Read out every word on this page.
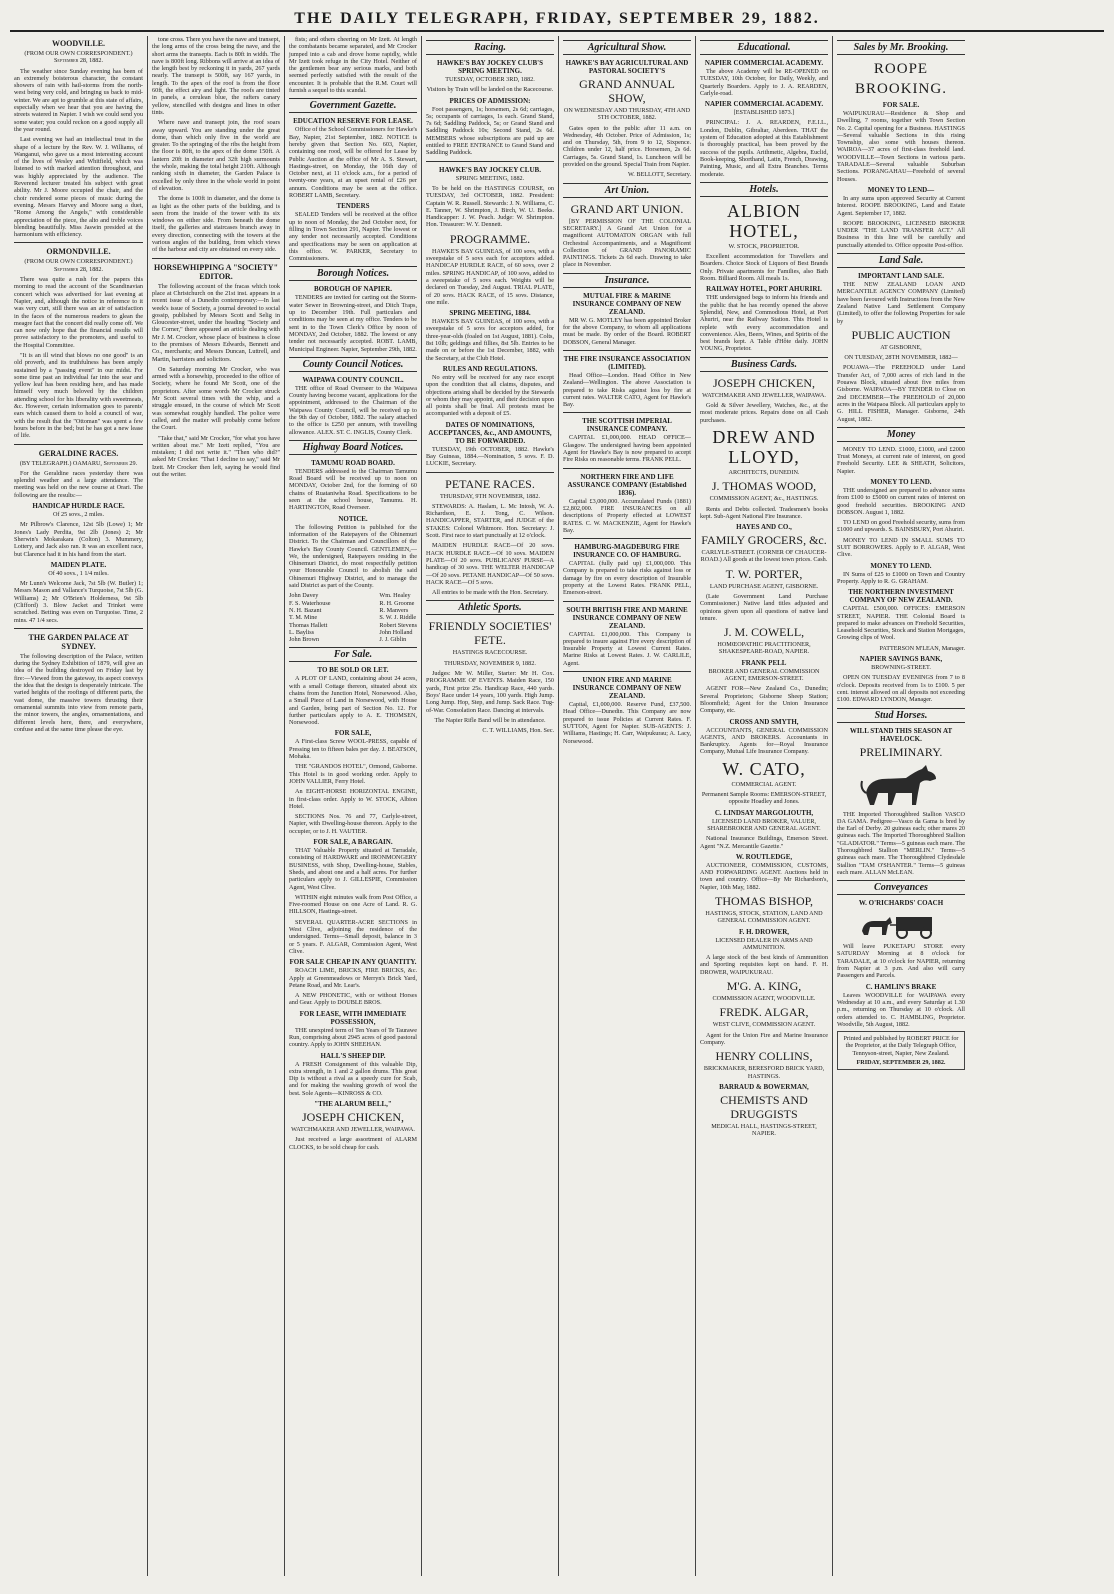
THE DAILY TELEGRAPH, FRIDAY, SEPTEMBER 29, 1882.
WOODVILLE.

(FROM OUR OWN CORRESPONDENT.) September 28, 1882.

The weather since Sunday evening has been of an extremely boisterous character, the constant showers of rain with hail-storms from the north-west being very cold, and bringing us back to mid-winter. We are apt to grumble at this state of affairs, especially when we hear that you are having the streets watered in Napier. I wish we could send you some water; you could reckon on a good supply all the year round.

Last evening we had an intellectual treat in the shape of a lecture by the Rev. W. J. Williams, of Wanganui, who gave us a most interesting account of the lives of Wesley and Whitfield, which was listened to with marked attention throughout, and was highly appreciated by the audience. The Reverend lecturer treated his subject with great ability. Mr J. Moore occupied the chair, and the choir rendered some pieces of music during the evening. Messrs Harvey and Moore sang a duet, "Rome Among the Angels," with considerable appreciation of the piece, the alto and treble voices blending beautifully. Miss Jaswin presided at the harmonium with efficiency.

ORMONDVILLE.

(FROM OUR OWN CORRESPONDENT.) September 28, 1882.

There was quite a rush for the papers this morning to read the account of the Scandinavian concert which was advertised for last evening at Napier, and, although the notice in reference to it was very curt, still there was an air of satisfaction in the faces of the numerous readers to glean the meagre fact that the concert did really come off. We can now only hope that the financial results will prove satisfactory to the promoters, and useful to the Hospital Committee.

"It is an ill wind that blows no one good" is an old proverb, and its truthfulness has been amply sustained by a "passing event" in our midst. For some time past an individual far into the sear and yellow leaf has been residing here, and has made himself very much beloved by the children attending school for his liberality with sweetmeats, &c. However, certain information goes to parents' ears which caused them to hold a council of war, with the result that the "Ottoman" was spent a few hours before in the bed; but he has got a new lease of life.

GERALDINE RACES.

(BY TELEGRAPH.) OAMARU, September 29.

For the Geraldine races yesterday there was splendid weather and a large attendance. The meeting was held on the new course at Orari. The following are the results:—

HANDICAP HURDLE RACE.

Of 25 sovs., 2 miles.

Mr Pilbrow's Clarence, 12st 5lb (Lowe) 1; Mr Jones's Lady Perdita, 9st 2lb (Jones) 2; Mr Sherwin's Mokarakara (Colton) 3. Mummery, Lottery, and Jack also ran. It was an excellent race, but Clarence had it in his hand from the start.

MAIDEN PLATE.

Of 40 sovs., 1 1/4 miles.

Mr Lunn's Welcome Jack, 7st 5lb (W. Butler) 1; Messrs Mason and Vallance's Turquoise, 7st 5lb (G. Williams) 2; Mr O'Brien's Holderness, 9st 5lb (Clifford) 3. Blow Jacket and Trinket were scratched. Betting was even on Turquoise. Time, 2 mins. 47 1/4 secs.

THE GARDEN PALACE AT SYDNEY.

The following description of the Palace, written during the Sydney Exhibition of 1879, will give an idea of the building destroyed on Friday last by fire:—Viewed from the gateway, its aspect conveys the idea that the design is desperately intricate. The varied heights of the roofings of different parts, the vast dome, the massive towers thrusting their ornamental summits into view from remote parts, the minor towers, the angles, ornamentations, and different levels here, there, and everywhere, confuse and at the same time please the eye.

tone cross. There you have the nave and transept, the long arms of the cross being the nave, and the short arms the transepts. Each is 80ft in width. The nave is 800ft long. Ribbons will arrive at an idea of the length best by reckoning it in yards, 267 yards nearly. The transept is 500ft, say 167 yards, in length. To the apex of the roof is from the floor 60ft, the effect airy and light. The roofs are tinted in panels, a cerulean blue, the rafters canary yellow, stencilled with designs and lines in other tints.

Where nave and transept join, the roof soars away upward. You are standing under the great dome, than which only five in the world are greater. To the springing of the ribs the height from the floor is 80ft, to the apex of the dome 150ft. A lantern 20ft in diameter and 32ft high surmounts the whole, making the total height 210ft. Although ranking sixth in diameter, the Garden Palace is excelled by only three in the whole world in point of elevation.

The dome is 100ft in diameter, and the dome is as light as the other parts of the building, and is seen from the inside of the tower with its six windows on either side. From beneath the dome itself, the galleries and staircases branch away in every direction, connecting with the towers at the various angles of the building, from which views of the harbour and city are obtained on every side.

HORSEWHIPPING A "SOCIETY" EDITOR.

The following account of the fracas which took place at Christchurch on the 21st inst. appears in a recent issue of a Dunedin contemporary:—In last week's issue of Society, a journal devoted to social gossip, published by Messrs Scott and Selig in Gloucester-street, under the heading "Society and the Corner," there appeared an article dealing with Mr J. M. Crocker, whose place of business is close to the premises of Messrs Edwards, Bennett and Co., merchants; and Messrs Duncan, Luttrell, and Martin, barristers and solicitors.

On Saturday morning Mr Crocker, who was armed with a horsewhip, proceeded to the office of Society, where he found Mr Scott, one of the proprietors. After some words Mr Crocker struck Mr Scott several times with the whip, and a struggle ensued, in the course of which Mr Scott was somewhat roughly handled. The police were called, and the matter will probably come before the Court.

"Take that," said Mr Crocker, "for what you have written about me." Mr Izett replied, "You are mistaken; I did not write it." "Then who did?" asked Mr Crocker. "That I decline to say," said Mr Izett. Mr Crocker then left, saying he would find out the writer.

fists; and others cheering on Mr Izett. At length the combatants became separated, and Mr Crocker jumped into a cab and drove home rapidly, while Mr Izett took refuge in the City Hotel. Neither of the gentlemen bear any serious marks, and both seemed perfectly satisfied with the result of the encounter. It is probable that the R.M. Court will furnish a sequel to this scandal.

Government Gazette.
EDUCATION RESERVE FOR LEASE.

Office of the School Commissioners for Hawke's Bay, Napier, 21st September, 1882. NOTICE is hereby given that Section No. 603, Napier, containing one rood, will be offered for Lease by Public Auction at the office of Mr A. S. Stewart, Hastings-street, on Monday, the 16th day of October next, at 11 o'clock a.m., for a period of twenty-one years, at an upset rental of £26 per annum. Conditions may be seen at the office. ROBERT LAMB, Secretary.

TENDERS

SEALED Tenders will be received at the office up to noon of Monday, the 2nd October next, for filling in Town Section 291, Napier. The lowest or any tender not necessarily accepted. Conditions and specifications may be seen on application at this office. W. PARKER, Secretary to Commissioners.

Borough Notices.
BOROUGH OF NAPIER.

TENDERS are invited for carting out the Storm-water Sewer in Browning-street, and Ditch Traps, up to December 19th. Full particulars and conditions may be seen at my office. Tenders to be sent in to the Town Clerk's Office by noon of MONDAY, 2nd October, 1882. The lowest or any tender not necessarily accepted. ROBT. LAMB, Municipal Engineer. Napier, September 29th, 1882.

County Council Notices.
WAIPAWA COUNTY COUNCIL.

THE office of Road Overseer to the Waipawa County having become vacant, applications for the appointment, addressed to the Chairman of the Waipawa County Council, will be received up to the 9th day of October, 1882. The salary attached to the office is £250 per annum, with travelling allowance. ALEX. ST. C. INGLIS, County Clerk.

Highway Board Notices.
TAMUMU ROAD BOARD.

TENDERS addressed to the Chairman Tamumu Road Board will be received up to noon on MONDAY, October 2nd, for the forming of 60 chains of Ruataniwha Road. Specifications to be seen at the school house, Tamumu. H. HARTINGTON, Road Overseer.

NOTICE.

The following Petition is published for the information of the Ratepayers of the Ohinemuri District. To the Chairman and Councillors of the Hawke's Bay County Council. GENTLEMEN,—We, the undersigned, Ratepayers residing in the Ohinemuri District, do most respectfully petition your Honourable Council to abolish the said Ohinemuri Highway District, and to manage the said District as part of the County.

John Davey
F. S. Waterhouse
N. H. Bazant
T. M. Mine
Thomas Hallett
L. Bayliss
John Brown
Wm. Healey
R. H. Groome
R. Manvers
S. W. J. Riddle
Robert Stevens
John Holland
J. J. Giblin
For Sale.
TO BE SOLD OR LET.

A PLOT OF LAND, containing about 24 acres, with a small Cottage thereon, situated about six chains from the Junction Hotel, Norsewood. Also, a Small Piece of Land in Norsewood, with House and Garden, being part of Section No. 12. For further particulars apply to A. E. THOMSEN, Norsewood.

FOR SALE,

A First-class Screw WOOL-PRESS, capable of Pressing ten to fifteen bales per day. J. BEATSON, Mohaka.

THE "GRANDOS HOTEL", Ormond, Gisborne. This Hotel is in good working order. Apply to JOHN VALLIER, Ferry Hotel.

An EIGHT-HORSE HORIZONTAL ENGINE, in first-class order. Apply to W. STOCK, Albion Hotel.

SECTIONS Nos. 76 and 77, Carlyle-street, Napier, with Dwelling-house thereon. Apply to the occupier, or to J. H. VAUTIER.

FOR SALE, A BARGAIN.

THAT Valuable Property situated at Tarradale, consisting of HARDWARE and IRONMONGERY BUSINESS, with Shop, Dwelling-house, Stables, Sheds, and about one and a half acres. For further particulars apply to J. GILLESPIE, Commission Agent, West Clive.

WITHIN eight minutes walk from Post Office, a Five-roomed House on one Acre of Land. R. G. HILLSON, Hastings-street.

SEVERAL QUARTER-ACRE SECTIONS in West Clive, adjoining the residence of the undersigned. Terms—Small deposit, balance in 3 or 5 years. F. ALGAR, Commission Agent, West Clive.

FOR SALE CHEAP IN ANY QUANTITY.

ROACH LIME, BRICKS, FIRE BRICKS, &c. Apply at Greenmeadows or Merryn's Brick Yard, Petane Road, and Mr. Lear's.

A NEW PHONETIC, with or without Horses and Gear. Apply to DOUBLE BROS.

FOR LEASE, WITH IMMEDIATE POSSESSION,

THE unexpired term of Ten Years of Te Taurawe Run, comprising about 2945 acres of good pastoral country. Apply to JOHN SHEEHAN.

HALL'S SHEEP DIP.

A FRESH Consignment of this valuable Dip, extra strength, in 1 and 2 gallon drums. This great Dip is without a rival as a speedy cure for Scab, and for making the washing growth of wool the best. Sole Agents—KINROSS & CO.

"THE ALARUM BELL,"
JOSEPH CHICKEN,

WATCHMAKER AND JEWELLER, WAIPAWA.

Just received a large assortment of ALARM CLOCKS, to be sold cheap for cash.

Racing.
HAWKE'S BAY JOCKEY CLUB'S SPRING MEETING.

TUESDAY, OCTOBER 3RD, 1882.

Visitors by Train will be landed on the Racecourse.

PRICES OF ADMISSION:

Foot passengers, 1s; horsemen, 2s 6d; carriages, 5s; occupants of carriages, 1s each. Grand Stand, 7s 6d; Saddling Paddock, 5s; or Grand Stand and Saddling Paddock 10s; Second Stand, 2s 6d. MEMBERS whose subscriptions are paid up are entitled to FREE ENTRANCE to Grand Stand and Saddling Paddock.

HAWKE'S BAY JOCKEY CLUB.

SPRING MEETING, 1882.

To be held on the HASTINGS COURSE, on TUESDAY, 3rd OCTOBER, 1882. President: Captain W. R. Russell. Stewards: J. N. Williams, C. E. Tanner, W. Shrimpton, J. Birch, W. U. Beeks. Handicapper: J. W. Peach. Judge: W. Shrimpton. Hon. Treasurer: W. Y. Dennett.

PROGRAMME.

HAWKE'S BAY GUINEAS, of 100 sovs, with a sweepstake of 5 sovs each for acceptors added. HANDICAP HURDLE RACE, of 60 sovs, over 2 miles. SPRING HANDICAP, of 100 sovs, added to a sweepstake of 5 sovs each. Weights will be declared on Tuesday, 2nd August. TRIAL PLATE, of 20 sovs. HACK RACE, of 15 sovs. Distance, one mile.

SPRING MEETING, 1884.

HAWKE'S BAY GUINEAS, of 100 sovs, with a sweepstake of 5 sovs for acceptors added, for three-year-olds (foaled on 1st August, 1881). Colts, 8st 10lb; geldings and fillies, 8st 5lb. Entries to be made on or before the 1st December, 1882, with the Secretary, at the Club Hotel.

RULES AND REGULATIONS.

No entry will be received for any race except upon the condition that all claims, disputes, and objections arising shall be decided by the Stewards or whom they may appoint, and their decision upon all points shall be final. All protests must be accompanied with a deposit of £5.

DATES OF NOMINATIONS, ACCEPTANCES, &c., AND AMOUNTS, TO BE FORWARDED.

TUESDAY, 19th OCTOBER, 1882. Hawke's Bay Guineas, 1884.—Nomination, 5 sovs. F. D. LUCKIE, Secretary.

PETANE RACES.

THURSDAY, 9TH NOVEMBER, 1882.

STEWARDS: A. Haslam, L. Mc Intosh, W. A. Richardson, E. J. Tong, C. Wilson. HANDICAPPER, STARTER, and JUDGE of the STAKES: Colonel Whitmore. Hon. Secretary: J. Scott. First race to start punctually at 12 o'clock.

MAIDEN HURDLE RACE—Of 20 sovs. HACK HURDLE RACE—Of 10 sovs. MAIDEN PLATE—Of 20 sovs. PUBLICANS' PURSE—A handicap of 30 sovs. THE WELTER HANDICAP—Of 20 sovs. PETANE HANDICAP—Of 50 sovs. HACK RACE—Of 5 sovs.

All entries to be made with the Hon. Secretary.

Athletic Sports.
FRIENDLY SOCIETIES' FETE.

HASTINGS RACECOURSE.

THURSDAY, NOVEMBER 9, 1882.

Judges: Mr W. Miller, Starter: Mr H. Cox. PROGRAMME OF EVENTS. Maiden Race, 150 yards, First prize 25s. Handicap Race, 440 yards. Boys' Race under 14 years, 100 yards. High Jump. Long Jump. Hop, Step, and Jump. Sack Race. Tug-of-War. Consolation Race. Dancing at intervals.

The Napier Rifle Band will be in attendance.

C. T. WILLIAMS, Hon. Sec.

Agricultural Show.
HAWKE'S BAY AGRICULTURAL AND PASTORAL SOCIETY'S
GRAND ANNUAL SHOW,

ON WEDNESDAY AND THURSDAY, 4TH AND 5TH OCTOBER, 1882.

Gates open to the public after 11 a.m. on Wednesday, 4th October. Price of Admission, 1s; and on Thursday, 5th, from 9 to 12, Sixpence. Children under 12, half price. Horsemen, 2s 6d. Carriages, 5s. Grand Stand, 1s. Luncheon will be provided on the ground. Special Train from Napier.

W. BELLOTT, Secretary.

Art Union.
GRAND ART UNION.

[BY PERMISSION OF THE COLONIAL SECRETARY.] A Grand Art Union for a magnificent AUTOMATON ORGAN with full Orchestral Accompaniments, and a Magnificent Collection of GRAND PANORAMIC PAINTINGS. Tickets 2s 6d each. Drawing to take place in November.

Insurance.
MUTUAL FIRE & MARINE INSURANCE COMPANY OF NEW ZEALAND.

MR W. G. MOTLEY has been appointed Broker for the above Company, to whom all applications must be made. By order of the Board. ROBERT DOBSON, General Manager.

THE FIRE INSURANCE ASSOCIATION (LIMITED).

Head Office—London. Head Office in New Zealand—Wellington. The above Association is prepared to take Risks against loss by fire at current rates. WALTER CATO, Agent for Hawke's Bay.

THE SCOTTISH IMPERIAL INSURANCE COMPANY.

CAPITAL £1,000,000. HEAD OFFICE—Glasgow. The undersigned having been appointed Agent for Hawke's Bay is now prepared to accept Fire Risks on reasonable terms. FRANK PELL.

NORTHERN FIRE AND LIFE ASSURANCE COMPANY (Established 1836).

Capital £3,000,000. Accumulated Funds (1881) £2,802,000. FIRE INSURANCES on all descriptions of Property effected at LOWEST RATES. C. W. MACKENZIE, Agent for Hawke's Bay.

HAMBURG-MAGDEBURG FIRE INSURANCE CO. OF HAMBURG.

CAPITAL (fully paid up) £1,000,000. This Company is prepared to take risks against loss or damage by fire on every description of Insurable property at the Lowest Rates. FRANK PELL, Emerson-street.

SOUTH BRITISH FIRE AND MARINE INSURANCE COMPANY OF NEW ZEALAND.

CAPITAL £1,000,000. This Company is prepared to insure against Fire every description of Insurable Property at Lowest Current Rates. Marine Risks at Lowest Rates. J. W. CARLILE, Agent.

UNION FIRE AND MARINE INSURANCE COMPANY OF NEW ZEALAND.

Capital, £1,000,000. Reserve Fund, £37,500. Head Office—Dunedin. This Company are now prepared to issue Policies at Current Rates. F. SUTTON, Agent for Napier. SUB-AGENTS: J. Williams, Hastings; H. Carr, Waipukurau; A. Lacy, Norsewood.

Educational.
NAPIER COMMERCIAL ACADEMY.

The above Academy will be RE-OPENED on TUESDAY, 10th October, for Daily, Weekly, and Quarterly Boarders. Apply to J. A. REARDEN, Carlyle-road.

NAPIER COMMERCIAL ACADEMY.

[ESTABLISHED 1873.]

PRINCIPAL: J. A. REARDEN, F.E.I.L., London, Dublin, Gibraltar, Aberdeen. THAT the system of Education adopted at this Establishment is thoroughly practical, has been proved by the success of the pupils. Arithmetic, Algebra, Euclid, Book-keeping, Shorthand, Latin, French, Drawing, Painting, Music, and all Extra Branches. Terms moderate.

Hotels.
ALBION HOTEL,

W. STOCK, PROPRIETOR.

Excellent accommodation for Travellers and Boarders. Choice Stock of Liquors of Best Brands Only. Private apartments for Families, also Bath Room. Billiard Room. All meals 1s.

RAILWAY HOTEL, PORT AHURIRI.

THE undersigned begs to inform his friends and the public that he has recently opened the above Splendid, New, and Commodious Hotel, at Port Ahuriri, near the Railway Station. This Hotel is replete with every accommodation and convenience. Ales, Beers, Wines, and Spirits of the best brands kept. A Table d'Hôte daily. JOHN YOUNG, Proprietor.

Business Cards.
JOSEPH CHICKEN,

WATCHMAKER AND JEWELLER, WAIPAWA.

Gold & Silver Jewellery, Watches, &c., at the most moderate prices. Repairs done on all Cash purchases.

DREW AND LLOYD,

ARCHITECTS, DUNEDIN.

J. THOMAS WOOD,

COMMISSION AGENT, &c., HASTINGS.

Rents and Debts collected. Tradesmen's books kept. Sub-Agent National Fire Insurance.

HAYES AND CO.,
FAMILY GROCERS, &c.

CARLYLE-STREET. (CORNER OF CHAUCER-ROAD.) All goods at the lowest town prices. Cash.

T. W. PORTER,

LAND PURCHASE AGENT, GISBORNE.

(Late Government Land Purchase Commissioner.) Native land titles adjusted and opinions given upon all questions of native land tenure.

J. M. COWELL,

HOMŒOPATHIC PRACTITIONER, SHAKESPEARE-ROAD, NAPIER.

FRANK PELL

BROKER AND GENERAL COMMISSION AGENT, EMERSON-STREET.

AGENT FOR—New Zealand Co., Dunedin; Several Proprietors; Gisborne Sheep Station; Bloomfield; Agent for the Union Insurance Company, etc.

CROSS AND SMYTH,

ACCOUNTANTS, GENERAL COMMISSION AGENTS, AND BROKERS. Accountants in Bankruptcy. Agents for—Royal Insurance Company, Mutual Life Insurance Company.

W. CATO,

COMMERCIAL AGENT.

Permanent Sample Rooms: EMERSON-STREET, opposite Hoadley and Jones.

C. LINDSAY MARGOLIOUTH,

LICENSED LAND BROKER, VALUER, SHAREBROKER AND GENERAL AGENT.

National Insurance Buildings, Emerson Street. Agent "N.Z. Mercantile Gazette."

W. ROUTLEDGE,

AUCTIONEER, COMMISSION, CUSTOMS, AND FORWARDING AGENT. Auctions held in town and country. Office—By Mr Richardson's, Napier, 10th May, 1882.

THOMAS BISHOP,

HASTINGS, STOCK, STATION, LAND AND GENERAL COMMISSION AGENT.

F. H. DROWER,

LICENSED DEALER IN ARMS AND AMMUNITION.

A large stock of the best kinds of Ammunition and Sporting requisites kept on hand. F. H. DROWER, WAIPUKURAU.

M'G. A. KING,

COMMISSION AGENT, WOODVILLE.

FREDK. ALGAR,

WEST CLIVE, COMMISSION AGENT.

Agent for the Union Fire and Marine Insurance Company.

HENRY COLLINS,

BRICKMAKER, BERESFORD BRICK YARD, HASTINGS.

BARRAUD & BOWERMAN,
CHEMISTS AND DRUGGISTS

MEDICAL HALL, HASTINGS-STREET, NAPIER.

Sales by Mr. Brooking.
ROOPE BROOKING.
FOR SALE.

WAIPUKURAU—Residence & Shop and Dwelling, 7 rooms, together with Town Section No. 2. Capital opening for a Business. HASTINGS—Several valuable Sections in this rising Township, also some with houses thereon. WAIROA—37 acres of first-class freehold land. WOODVILLE—Town Sections in various parts. TARADALE—Several valuable Suburban Sections. PORANGAHAU—Freehold of several Houses.

MONEY TO LEND—

In any sums upon approved Security at Current Interest. ROOPE BROOKING, Land and Estate Agent. September 17, 1882.

ROOPE BROOKING, LICENSED BROKER UNDER "THE LAND TRANSFER ACT." All Business in this line will be carefully and punctually attended to. Office opposite Post-office.

Land Sale.
IMPORTANT LAND SALE.

THE NEW ZEALAND LOAN AND MERCANTILE AGENCY COMPANY (Limited) have been favoured with Instructions from the New Zealand Native Land Settlement Company (Limited), to offer the following Properties for sale by

PUBLIC AUCTION

AT GISBORNE,

ON TUESDAY, 28TH NOVEMBER, 1882—

POUAWA—The FREEHOLD under Land Transfer Act, of 7,000 acres of rich land in the Pouawa Block, situated about five miles from Gisborne. WAIPAOA—BY TENDER to Close on 2nd DECEMBER—The FREEHOLD of 20,000 acres in the Waipaoa Block. All particulars apply to G. HILL FISHER, Manager. Gisborne, 24th August, 1882.

Money

MONEY TO LEND. £1000, £1000, and £2000 Trust Moneys, at current rate of interest, on good Freehold Security. LEE & SHEATH, Solicitors, Napier.

MONEY TO LEND.

THE undersigned are prepared to advance sums from £100 to £5000 on current rates of interest on good freehold securities. BROOKING AND DOBSON. August 1, 1882.

TO LEND on good Freehold security, sums from £1000 and upwards. S. BAINSBURY, Port Ahuriri.

MONEY TO LEND IN SMALL SUMS TO SUIT BORROWERS. Apply to F. ALGAR, West Clive.

MONEY TO LEND.

IN Sums of £25 to £1000 on Town and Country Property. Apply to R. G. GRAHAM.

THE NORTHERN INVESTMENT COMPANY OF NEW ZEALAND.

CAPITAL £500,000. OFFICES: EMERSON STREET, NAPIER. THE Colonial Board is prepared to make advances on Freehold Securities, Leasehold Securities, Stock and Station Mortgages, Growing clips of Wool.

PATTERSON M'LEAN, Manager.

NAPIER SAVINGS BANK,

BROWNING-STREET.

OPEN ON TUESDAY EVENINGS from 7 to 8 o'clock. Deposits received from 1s to £100. 5 per cent. interest allowed on all deposits not exceeding £100. EDWARD LYNDON, Manager.

Stud Horses.
WILL STAND THIS SEASON AT HAVELOCK.
PRELIMINARY.

THE Imported Thoroughbred Stallion VASCO DA GAMA. Pedigree—Vasco da Gama is bred by the Earl of Derby. 20 guineas each; other mares 20 guineas each. The Imported Thoroughbred Stallion "GLADIATOR." Terms—5 guineas each mare. The Thoroughbred Stallion "MERLIN." Terms—5 guineas each mare. The Thoroughbred Clydesdale Stallion "TAM O'SHANTER." Terms—5 guineas each mare. ALLAN McLEAN.

Conveyances
W. O'RICHARDS' COACH

Will leave PUKETAPU STORE every SATURDAY Morning at 8 o'clock for TARADALE, at 10 o'clock for NAPIER, returning from Napier at 3 p.m. And also will carry Passengers and Parcels.

C. HAMLIN'S BRAKE

Leaves WOODVILLE for WAIPAWA every Wednesday at 10 a.m., and every Saturday at 1.30 p.m., returning on Thursday at 10 o'clock. All orders attended to. C. HAMBLING, Proprietor. Woodville, 5th August, 1882.

Printed and published by ROBERT PRICE for the Proprietor, at the Daily Telegraph Office, Tennyson-street, Napier, New Zealand.
FRIDAY, SEPTEMBER 29, 1882.
